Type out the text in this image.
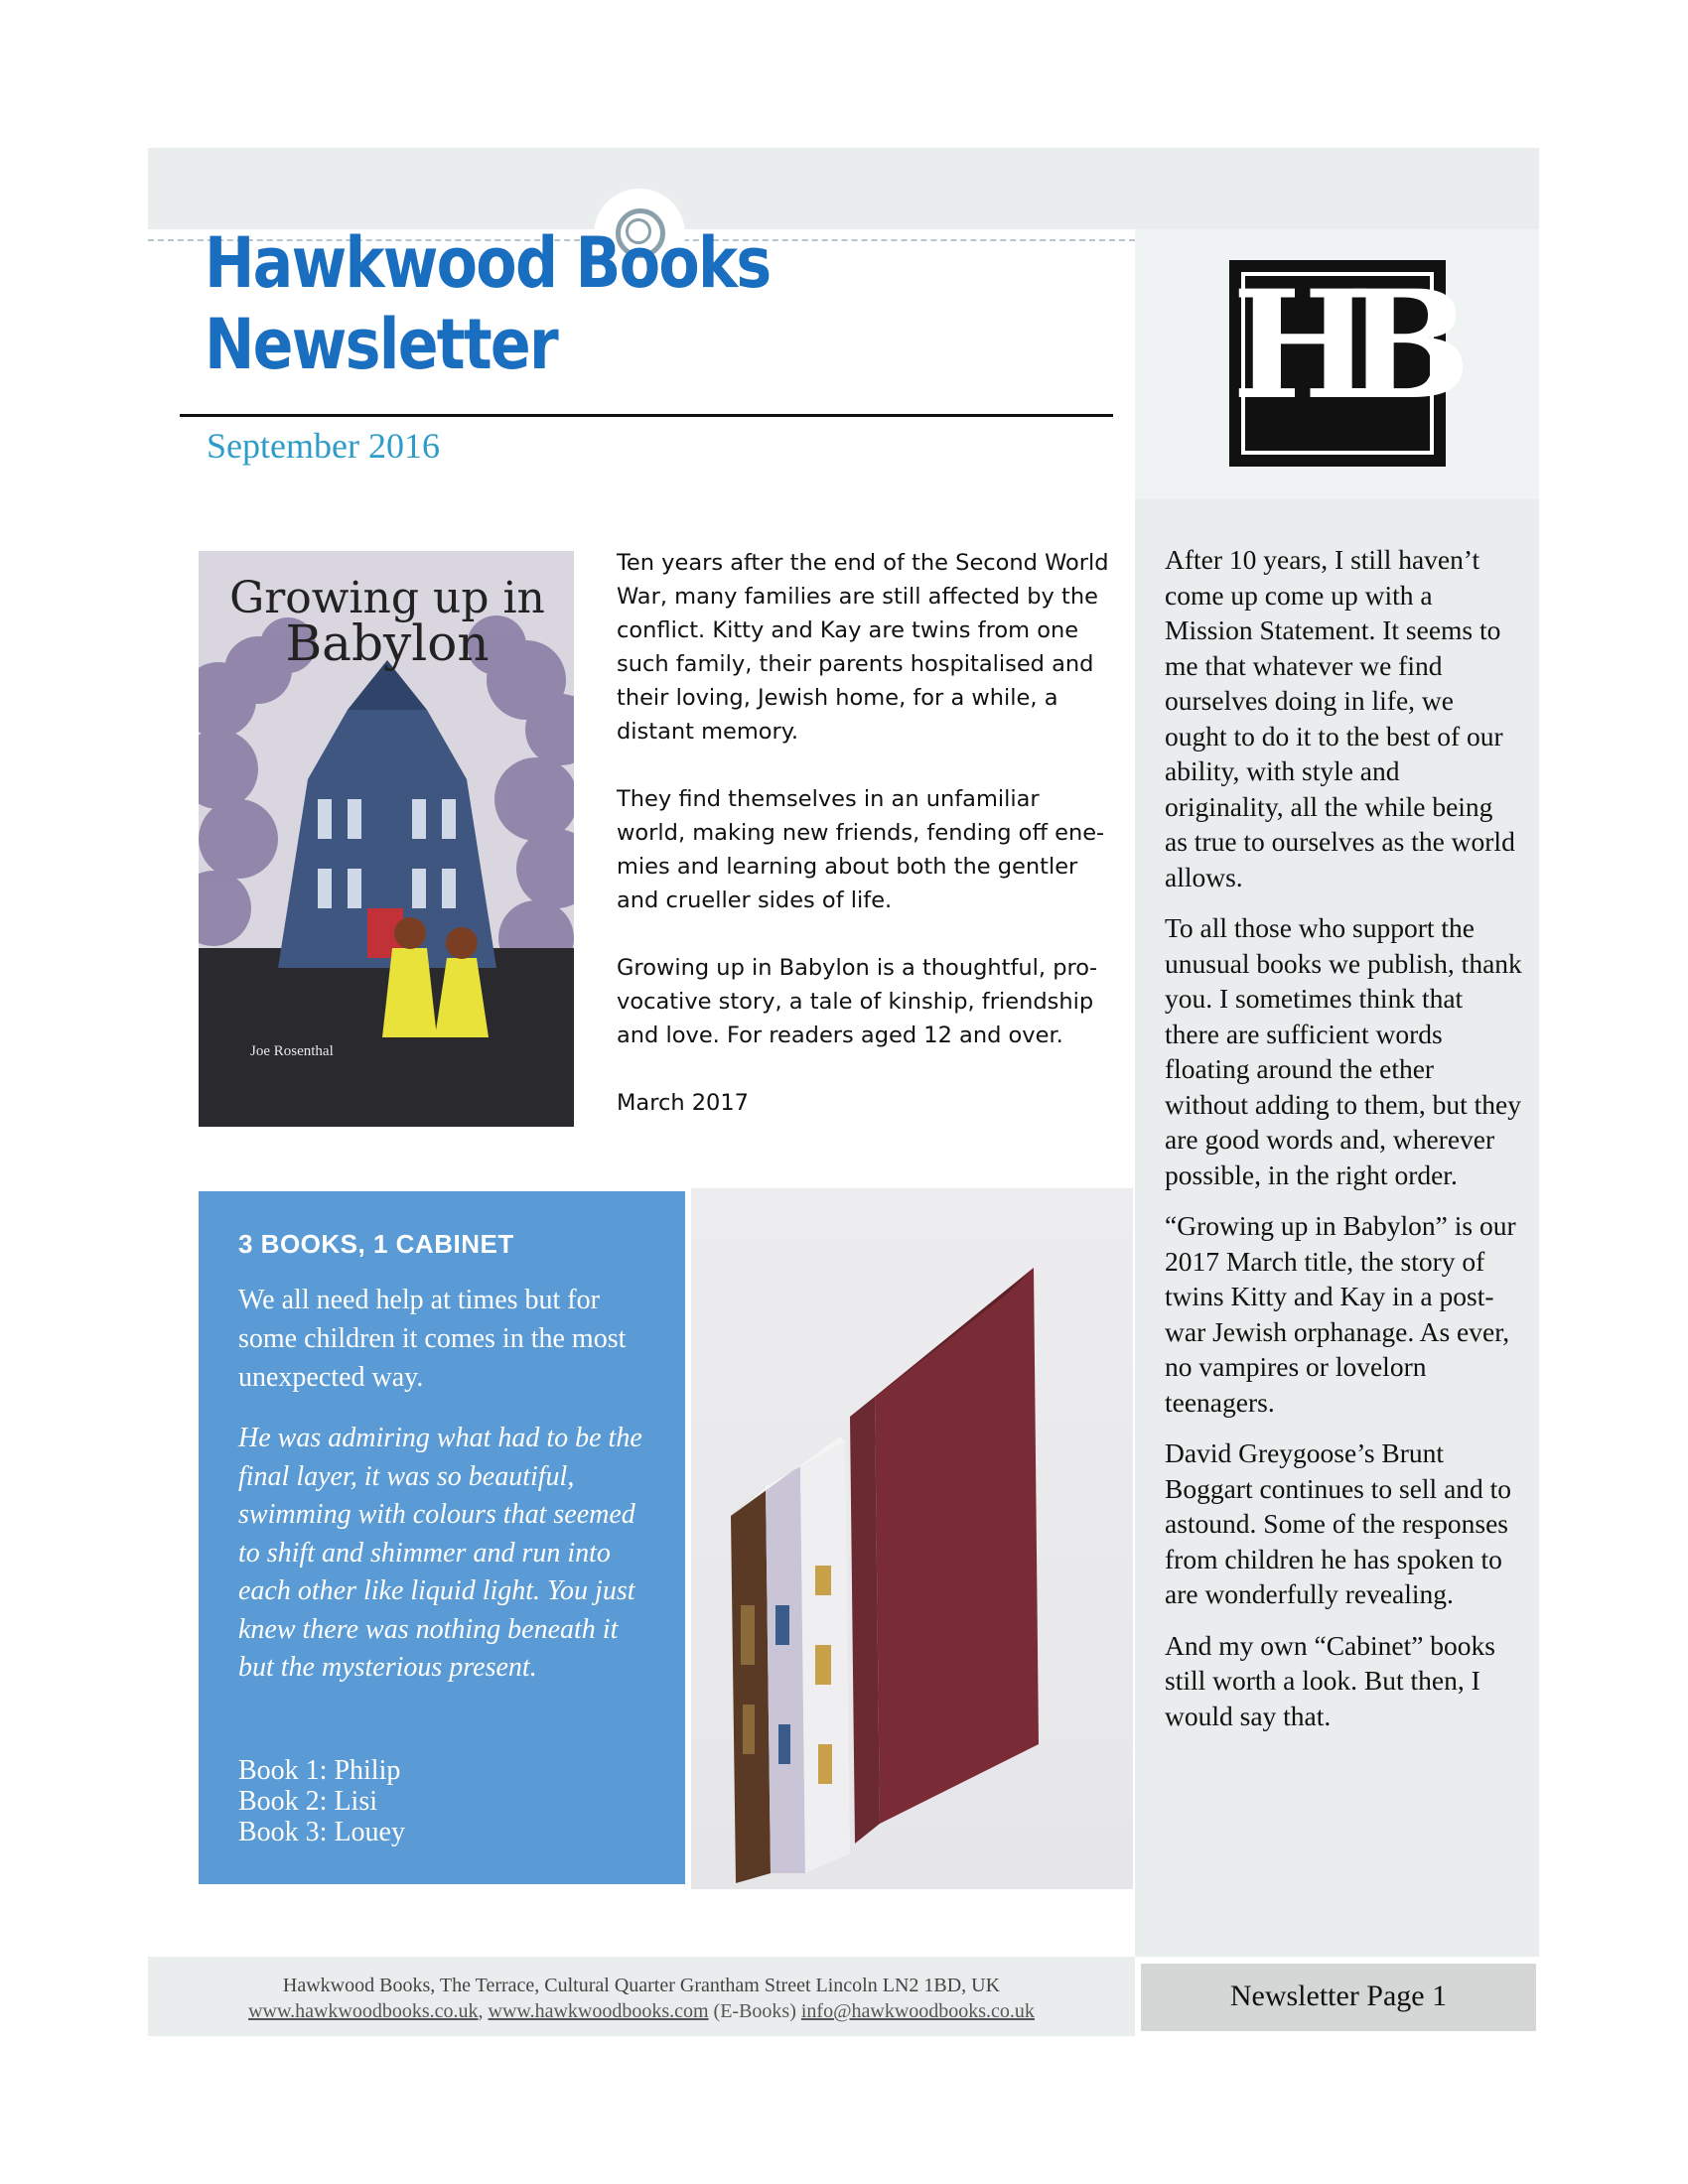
HB
Hawkwood Books
Newsletter
September 2016
Growing up in
Babylon
Joe Rosenthal

Ten years after the end of the Second World War, many families are still affected by the conflict. Kitty and Kay are twins from one such family, their parents hospitalised and their loving, Jewish home, for a while, a distant memory.

They find themselves in an unfamiliar world, making new friends, fending off enemies and learning about both the gentler and crueller sides of life.

Growing up in Babylon is a thoughtful, provocative story, a tale of kinship, friendship and love. For readers aged 12 and over.

March 2017

3 BOOKS, 1 CABINET

We all need help at times but for some children it comes in the most unexpected way.

He was admiring what had to be the final layer, it was so beautiful, swimming with colours that seemed to shift and shimmer and run into each other like liquid light. You just knew there was nothing beneath it but the mysterious present.

Book 1: Philip
Book 2: Lisi
Book 3: Louey

After 10 years, I still haven’t come up come up with a Mission Statement. It seems to me that whatever we find ourselves doing in life, we ought to do it to the best of our ability, with style and originality, all the while being as true to ourselves as the world allows.

To all those who support the unusual books we publish, thank you. I sometimes think that there are sufficient words floating around the ether without adding to them, but they are good words and, wherever possible, in the right order.

“Growing up in Babylon” is our 2017 March title, the story of twins Kitty and Kay in a post-war Jewish orphanage. As ever, no vampires or lovelorn teenagers.

David Greygoose’s Brunt Boggart continues to sell and to astound. Some of the responses from children he has spoken to are wonderfully revealing.

And my own “Cabinet” books still worth a look. But then, I would say that.

Hawkwood Books, The Terrace, Cultural Quarter Grantham Street Lincoln LN2 1BD, UK
www.hawkwoodbooks.co.uk, www.hawkwoodbooks.com (E-Books) info@hawkwoodbooks.co.uk	Newsletter Page 1
